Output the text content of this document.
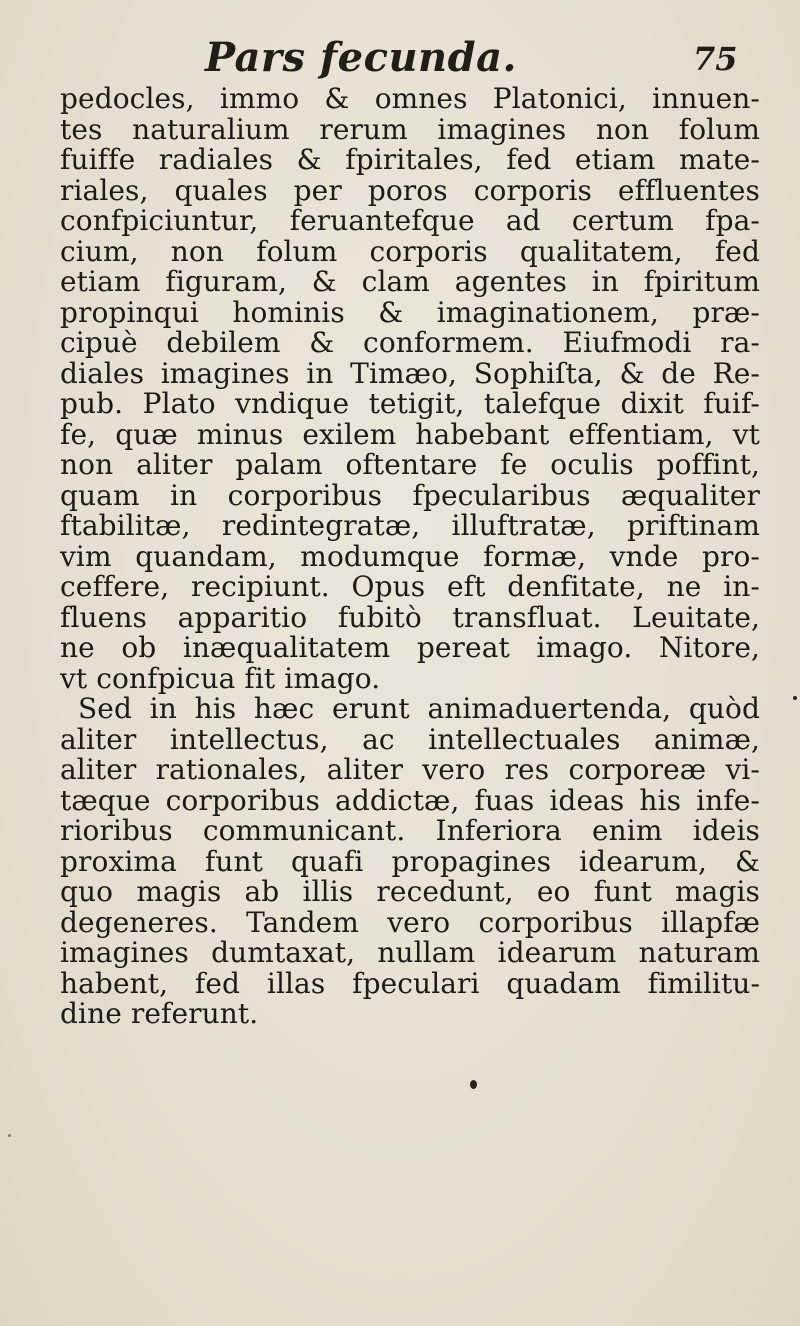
Pars fecunda.	75
pedocles, immo & omnes Platonici, innuen-
tes naturalium rerum imagines non folum
fuiffe radiales & fpiritales, fed etiam mate-
riales, quales per poros corporis effluentes
confpiciuntur, feruantefque ad certum fpa-
cium, non folum corporis qualitatem, fed
etiam figuram, & clam agentes in fpiritum
propinqui hominis & imaginationem, præ-
cipuè debilem & conformem. Eiufmodi ra-
diales imagines in Timæo, Sophiſta, & de Re-
pub. Plato vndique tetigit, talefque dixit fuif-
fe, quæ minus exilem habebant effentiam, vt
non aliter palam oftentare fe oculis poffint,
quam in corporibus fpecularibus æqualiter
ftabilitæ, redintegratæ, illuftratæ, priftinam
vim quandam, modumque formæ, vnde pro-
ceffere, recipiunt. Opus eft denfitate, ne in-
fluens apparitio fubitò transfluat. Leuitate,
ne ob inæqualitatem pereat imago. Nitore,
vt confpicua fit imago.
Sed in his hæc erunt animaduertenda, quòd
aliter intellectus, ac intellectuales animæ,
aliter rationales, aliter vero res corporeæ vi-
tæque corporibus addictæ, fuas ideas his infe-
rioribus communicant. Inferiora enim ideis
proxima funt quafi propagines idearum, &
quo magis ab illis recedunt, eo funt magis
degeneres. Tandem vero corporibus illapfæ
imagines dumtaxat, nullam idearum naturam
habent, fed illas fpeculari quadam fimilitu-
dine referunt.
